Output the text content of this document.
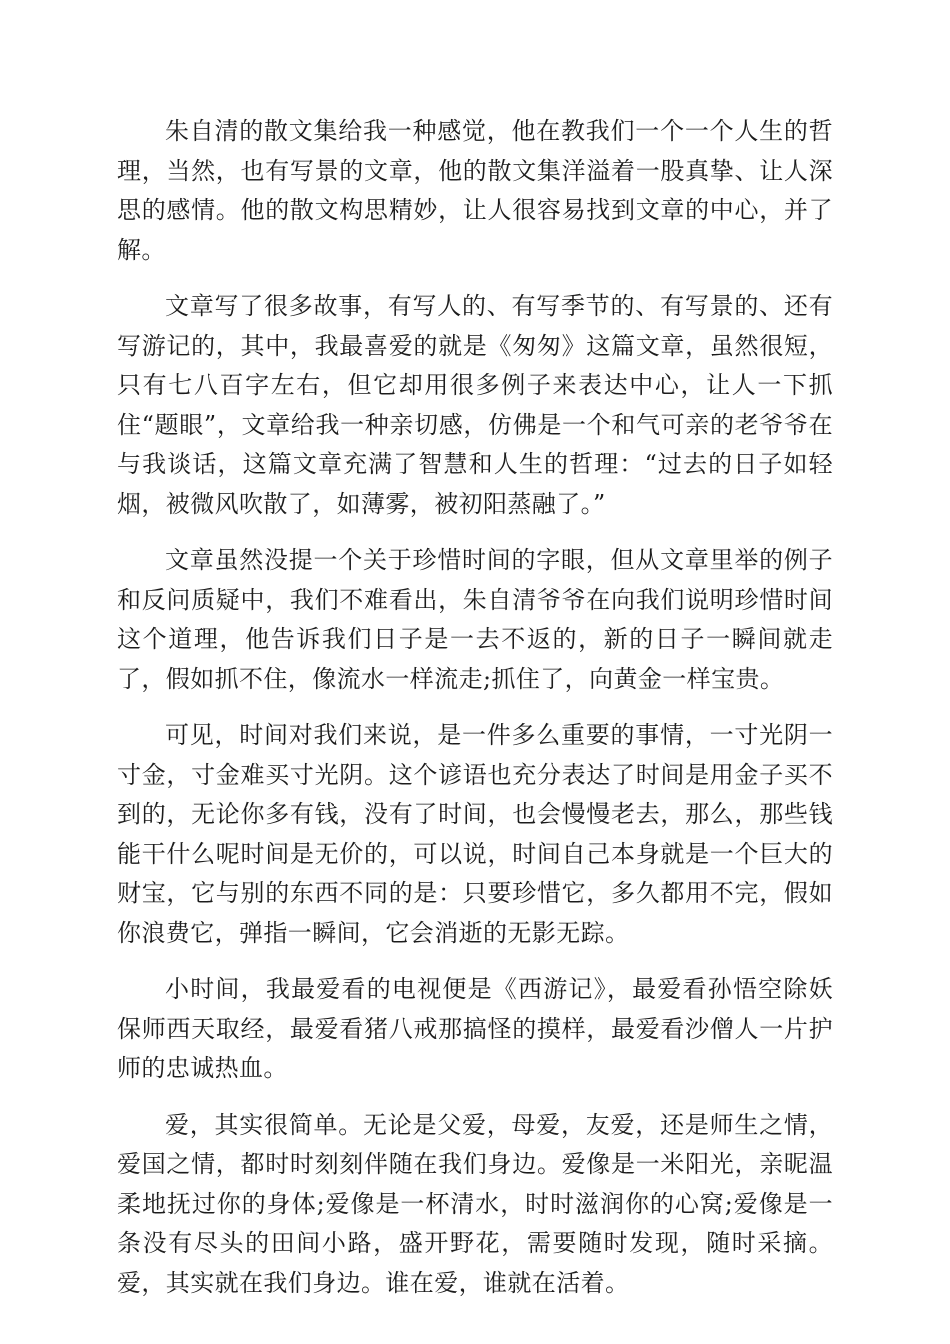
朱自清的散文集给我一种感觉，他在教我们一个一个人生的哲理，当然，也有写景的文章，他的散文集洋溢着一股真挚、让人深思的感情。他的散文构思精妙，让人很容易找到文章的中心，并了解。

文章写了很多故事，有写人的、有写季节的、有写景的、还有写游记的，其中，我最喜爱的就是《匆匆》这篇文章，虽然很短，只有七八百字左右，但它却用很多例子来表达中心，让人一下抓住“题眼”，文章给我一种亲切感，仿佛是一个和气可亲的老爷爷在与我谈话，这篇文章充满了智慧和人生的哲理：“过去的日子如轻烟，被微风吹散了，如薄雾，被初阳蒸融了。”

文章虽然没提一个关于珍惜时间的字眼，但从文章里举的例子和反问质疑中，我们不难看出，朱自清爷爷在向我们说明珍惜时间这个道理，他告诉我们日子是一去不返的，新的日子一瞬间就走了，假如抓不住，像流水一样流走;抓住了，向黄金一样宝贵。

可见，时间对我们来说，是一件多么重要的事情，一寸光阴一寸金，寸金难买寸光阴。这个谚语也充分表达了时间是用金子买不到的，无论你多有钱，没有了时间，也会慢慢老去，那么，那些钱能干什么呢时间是无价的，可以说，时间自己本身就是一个巨大的财宝，它与别的东西不同的是：只要珍惜它，多久都用不完，假如你浪费它，弹指一瞬间，它会消逝的无影无踪。

小时间，我最爱看的电视便是《西游记》，最爱看孙悟空除妖保师西天取经，最爱看猪八戒那搞怪的摸样，最爱看沙僧人一片护师的忠诚热血。

爱，其实很简单。无论是父爱，母爱，友爱，还是师生之情，爱国之情，都时时刻刻伴随在我们身边。爱像是一米阳光，亲昵温柔地抚过你的身体;爱像是一杯清水，时时滋润你的心窝;爱像是一条没有尽头的田间小路，盛开野花，需要随时发现，随时采摘。爱，其实就在我们身边。谁在爱，谁就在活着。
